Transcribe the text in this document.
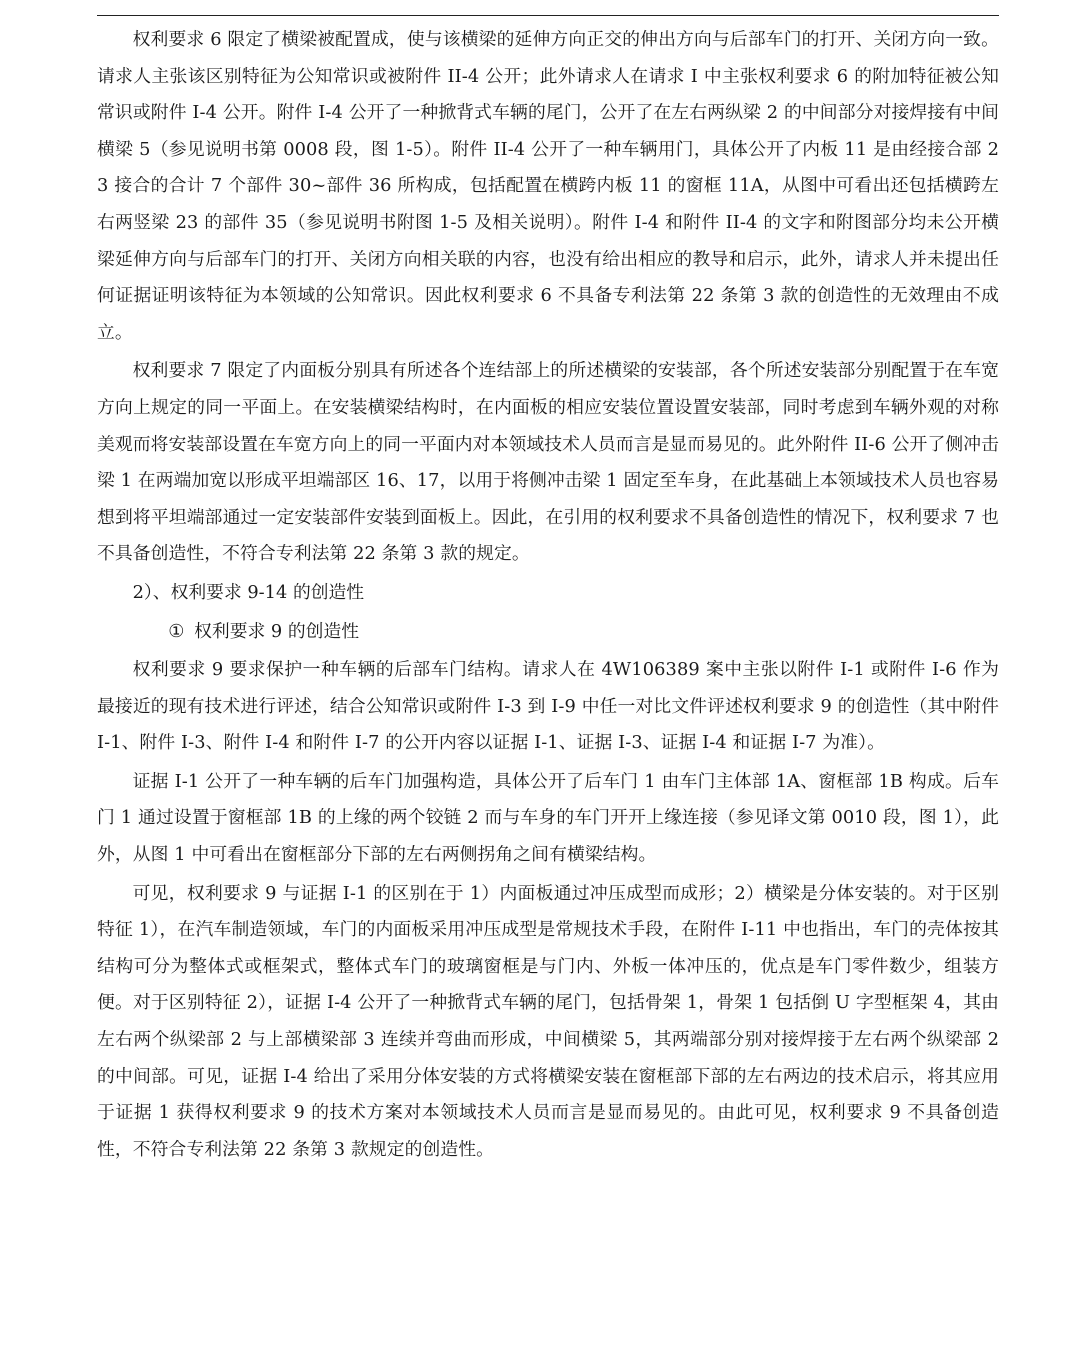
权利要求 6 限定了横梁被配置成，使与该横梁的延伸方向正交的伸出方向与后部车门的打开、关闭方向一致。请求人主张该区别特征为公知常识或被附件 II-4 公开；此外请求人在请求 I 中主张权利要求 6 的附加特征被公知常识或附件 I-4 公开。附件 I-4 公开了一种掀背式车辆的尾门，公开了在左右两纵梁 2 的中间部分对接焊接有中间横梁 5（参见说明书第 0008 段，图 1-5）。附件 II-4 公开了一种车辆用门，具体公开了内板 11 是由经接合部 23 接合的合计 7 个部件 30~部件 36 所构成，包括配置在横跨内板 11 的窗框 11A，从图中可看出还包括横跨左右两竖梁 23 的部件 35（参见说明书附图 1-5 及相关说明）。附件 I-4 和附件 II-4 的文字和附图部分均未公开横梁延伸方向与后部车门的打开、关闭方向相关联的内容，也没有给出相应的教导和启示，此外，请求人并未提出任何证据证明该特征为本领域的公知常识。因此权利要求 6 不具备专利法第 22 条第 3 款的创造性的无效理由不成立。

权利要求 7 限定了内面板分别具有所述各个连结部上的所述横梁的安装部，各个所述安装部分别配置于在车宽方向上规定的同一平面上。在安装横梁结构时，在内面板的相应安装位置设置安装部，同时考虑到车辆外观的对称美观而将安装部设置在车宽方向上的同一平面内对本领域技术人员而言是显而易见的。此外附件 II-6 公开了侧冲击梁 1 在两端加宽以形成平坦端部区 16、17，以用于将侧冲击梁 1 固定至车身，在此基础上本领域技术人员也容易想到将平坦端部通过一定安装部件安装到面板上。因此，在引用的权利要求不具备创造性的情况下，权利要求 7 也不具备创造性，不符合专利法第 22 条第 3 款的规定。

2）、权利要求 9-14 的创造性

① 权利要求 9 的创造性

权利要求 9 要求保护一种车辆的后部车门结构。请求人在 4W106389 案中主张以附件 I-1 或附件 I-6 作为最接近的现有技术进行评述，结合公知常识或附件 I-3 到 I-9 中任一对比文件评述权利要求 9 的创造性（其中附件 I-1、附件 I-3、附件 I-4 和附件 I-7 的公开内容以证据 I-1、证据 I-3、证据 I-4 和证据 I-7 为准）。

证据 I-1 公开了一种车辆的后车门加强构造，具体公开了后车门 1 由车门主体部 1A、窗框部 1B 构成。后车门 1 通过设置于窗框部 1B 的上缘的两个铰链 2 而与车身的车门开开上缘连接（参见译文第 0010 段，图 1），此外，从图 1 中可看出在窗框部分下部的左右两侧拐角之间有横梁结构。

可见，权利要求 9 与证据 I-1 的区别在于 1）内面板通过冲压成型而成形；2）横梁是分体安装的。对于区别特征 1），在汽车制造领域，车门的内面板采用冲压成型是常规技术手段，在附件 I-11 中也指出，车门的壳体按其结构可分为整体式或框架式，整体式车门的玻璃窗框是与门内、外板一体冲压的，优点是车门零件数少，组装方便。对于区别特征 2），证据 I-4 公开了一种掀背式车辆的尾门，包括骨架 1，骨架 1 包括倒 U 字型框架 4，其由左右两个纵梁部 2 与上部横梁部 3 连续并弯曲而形成，中间横梁 5，其两端部分别对接焊接于左右两个纵梁部 2 的中间部。可见，证据 I-4 给出了采用分体安装的方式将横梁安装在窗框部下部的左右两边的技术启示，将其应用于证据 1 获得权利要求 9 的技术方案对本领域技术人员而言是显而易见的。由此可见，权利要求 9 不具备创造性，不符合专利法第 22 条第 3 款规定的创造性。
